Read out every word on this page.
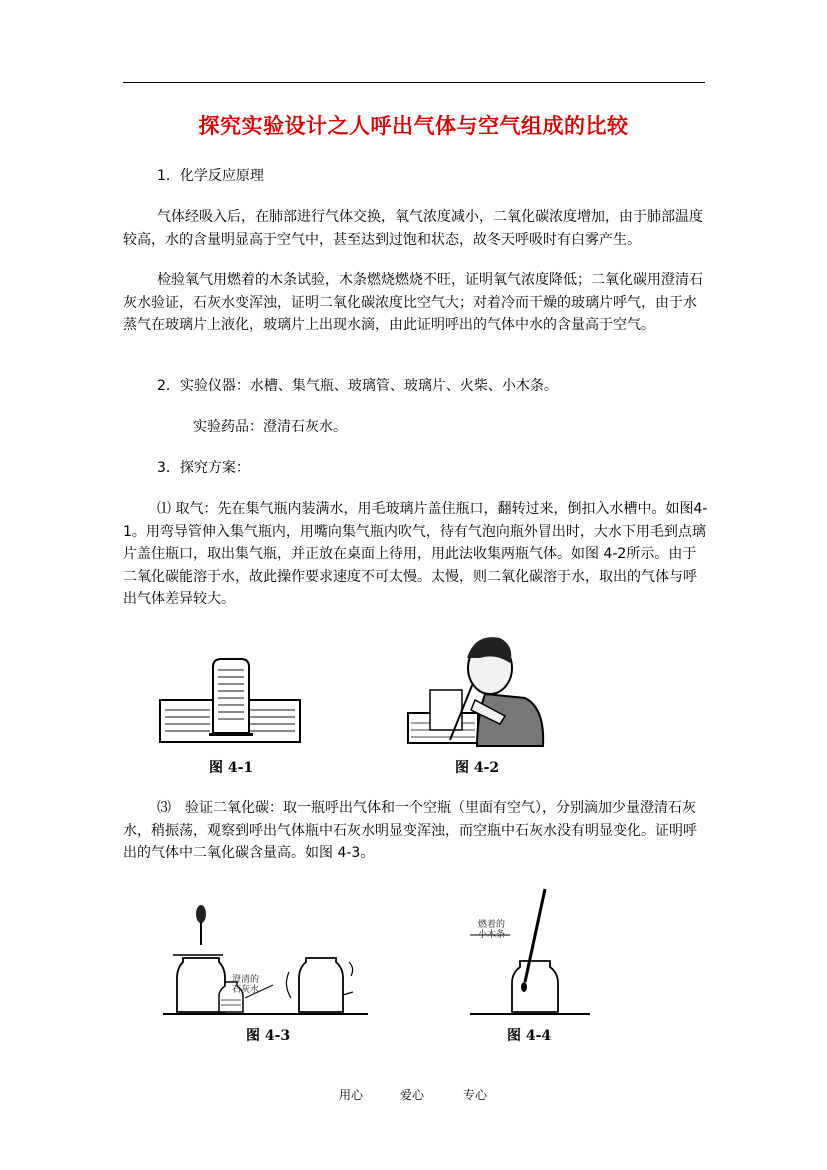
探究实验设计之人呼出气体与空气组成的比较
1．化学反应原理
气体经吸入后，在肺部进行气体交换，氧气浓度减小，二氧化碳浓度增加，由于肺部温度较高，水的含量明显高于空气中，甚至达到过饱和状态，故冬天呼吸时有白雾产生。
检验氧气用燃着的木条试验，木条燃烧燃烧不旺，证明氧气浓度降低；二氧化碳用澄清石灰水验证，石灰水变浑浊，证明二氧化碳浓度比空气大；对着冷而干燥的玻璃片呼气，由于水蒸气在玻璃片上液化，玻璃片上出现水滴，由此证明呼出的气体中水的含量高于空气。
2．实验仪器：水槽、集气瓶、玻璃管、玻璃片、火柴、小木条。
实验药品：澄清石灰水。
3．探究方案：
⑴ 取气：先在集气瓶内装满水，用毛玻璃片盖住瓶口，翻转过来，倒扣入水槽中。如图4-1。用弯导管伸入集气瓶内，用嘴向集气瓶内吹气，待有气泡向瓶外冒出时，大水下用毛到点璃片盖住瓶口，取出集气瓶，并正放在桌面上待用，用此法收集两瓶气体。如图 4-2所示。由于二氧化碳能溶于水，故此操作要求速度不可太慢。太慢，则二氧化碳溶于水，取出的气体与呼出气体差异较大。
图 4-1	图 4-2
⑶　验证二氧化碳：取一瓶呼出气体和一个空瓶（里面有空气），分别滴加少量澄清石灰水，稍振荡，观察到呼出气体瓶中石灰水明显变浑浊，而空瓶中石灰水没有明显变化。证明呼出的气体中二氧化碳含量高。如图 4-3。
澄清的石灰水
图 4-3
燃着的小木条
图 4-4
用心	爱心	专心
